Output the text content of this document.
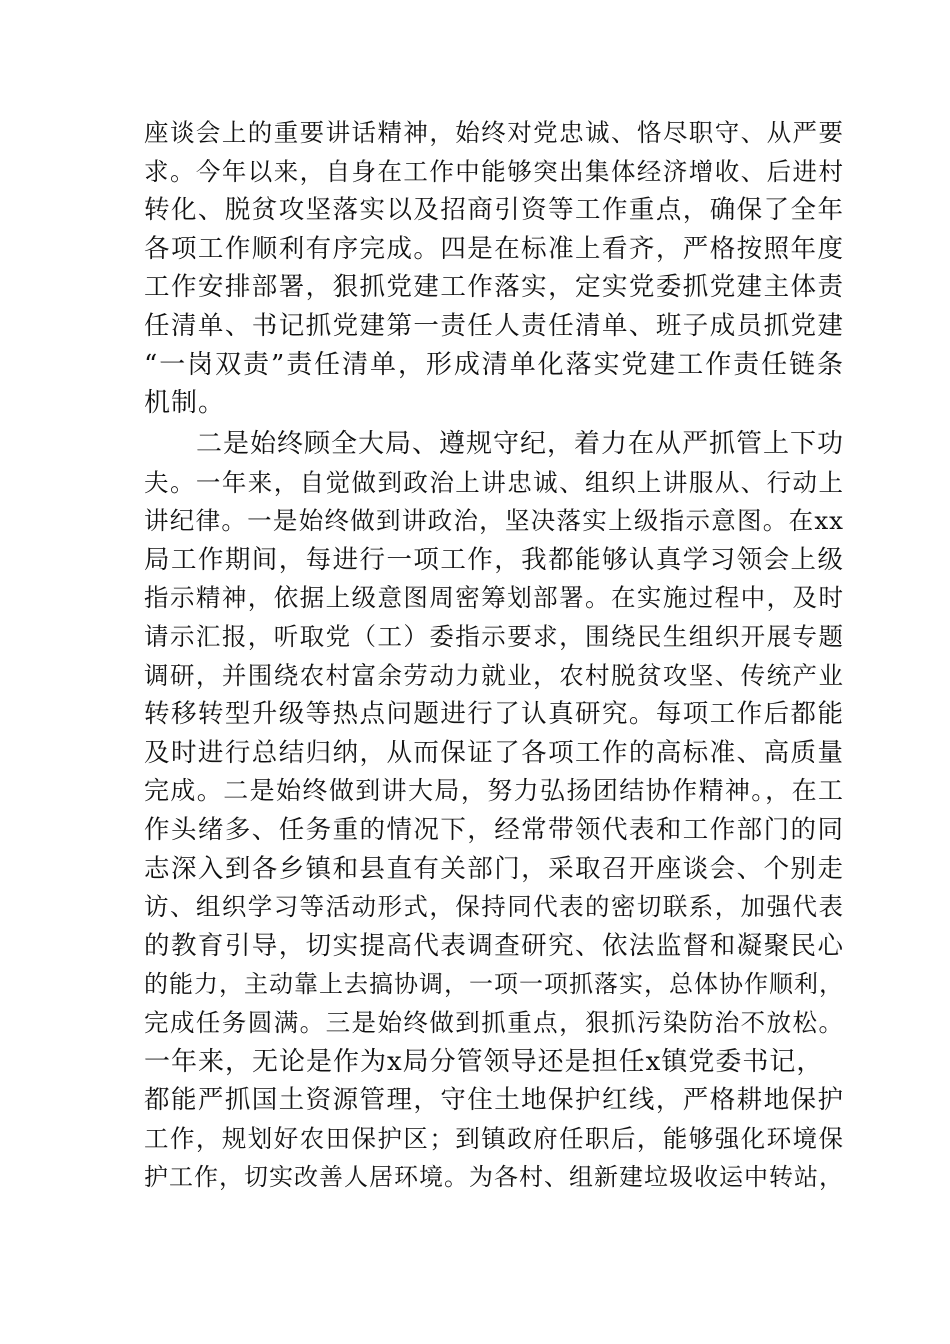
座谈会上的重要讲话精神，始终对党忠诚、恪尽职守、从严要
求。今年以来，自身在工作中能够突出集体经济增收、后进村
转化、脱贫攻坚落实以及招商引资等工作重点，确保了全年
各项工作顺利有序完成。四是在标准上看齐，严格按照年度
工作安排部署，狠抓党建工作落实，定实党委抓党建主体责
任清单、书记抓党建第一责任人责任清单、班子成员抓党建
“一岗双责”责任清单，形成清单化落实党建工作责任链条
机制。
二是始终顾全大局、遵规守纪，着力在从严抓管上下功
夫。一年来，自觉做到政治上讲忠诚、组织上讲服从、行动上
讲纪律。一是始终做到讲政治，坚决落实上级指示意图。在xx
局工作期间，每进行一项工作，我都能够认真学习领会上级
指示精神，依据上级意图周密筹划部署。在实施过程中，及时
请示汇报，听取党（工）委指示要求，围绕民生组织开展专题
调研，并围绕农村富余劳动力就业，农村脱贫攻坚、传统产业
转移转型升级等热点问题进行了认真研究。每项工作后都能
及时进行总结归纳，从而保证了各项工作的高标准、高质量
完成。二是始终做到讲大局，努力弘扬团结协作精神。，在工
作头绪多、任务重的情况下，经常带领代表和工作部门的同
志深入到各乡镇和县直有关部门，采取召开座谈会、个别走
访、组织学习等活动形式，保持同代表的密切联系，加强代表
的教育引导，切实提高代表调查研究、依法监督和凝聚民心
的能力，主动靠上去搞协调，一项一项抓落实，总体协作顺利，
完成任务圆满。三是始终做到抓重点，狠抓污染防治不放松。
一年来，无论是作为x局分管领导还是担任x镇党委书记，
都能严抓国土资源管理，守住土地保护红线，严格耕地保护
工作，规划好农田保护区；到镇政府任职后，能够强化环境保
护工作，切实改善人居环境。为各村、组新建垃圾收运中转站，
